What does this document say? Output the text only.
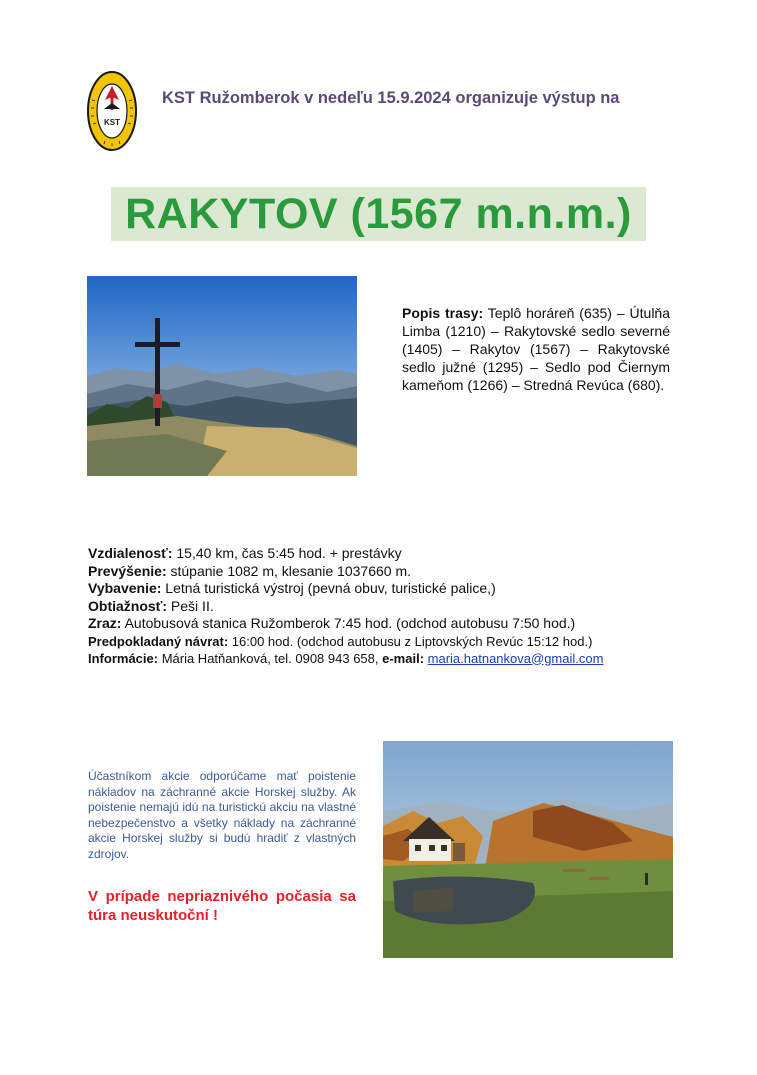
KST
KST Ružomberok v nedeľu 15.9.2024 organizuje výstup na
RAKYTOV (1567 m.n.m.)
Popis trasy: Teplô horáreň (635) – Útulňa Limba (1210) – Rakytovské sedlo severné (1405) – Rakytov (1567) – Rakytovské sedlo južné (1295) – Sedlo pod Čiernym kameňom (1266) – Stredná Revúca (680).
Vzdialenosť: 15,40 km, čas 5:45 hod. + prestávky
Prevýšenie: stúpanie 1082 m, klesanie 1037660 m.
Vybavenie: Letná turistická výstroj (pevná obuv, turistické palice,)
Obtiažnosť: Peši II.
Zraz: Autobusová stanica Ružomberok 7:45 hod. (odchod autobusu 7:50 hod.)
Predpokladaný návrat: 16:00 hod. (odchod autobusu z Liptovských Revúc 15:12 hod.)
Informácie: Mária Hatňanková, tel. 0908 943 658, e-mail: maria.hatnankova@gmail.com
Účastníkom akcie odporúčame mať poistenie nákladov na záchranné akcie Horskej služby. Ak poistenie nemajú idú na turistickú akciu na vlastné nebezpečenstvo a všetky náklady na záchranné akcie Horskej služby si budú hradiť z vlastných zdrojov.
V prípade nepriaznivého počasia sa túra neuskutoční !
